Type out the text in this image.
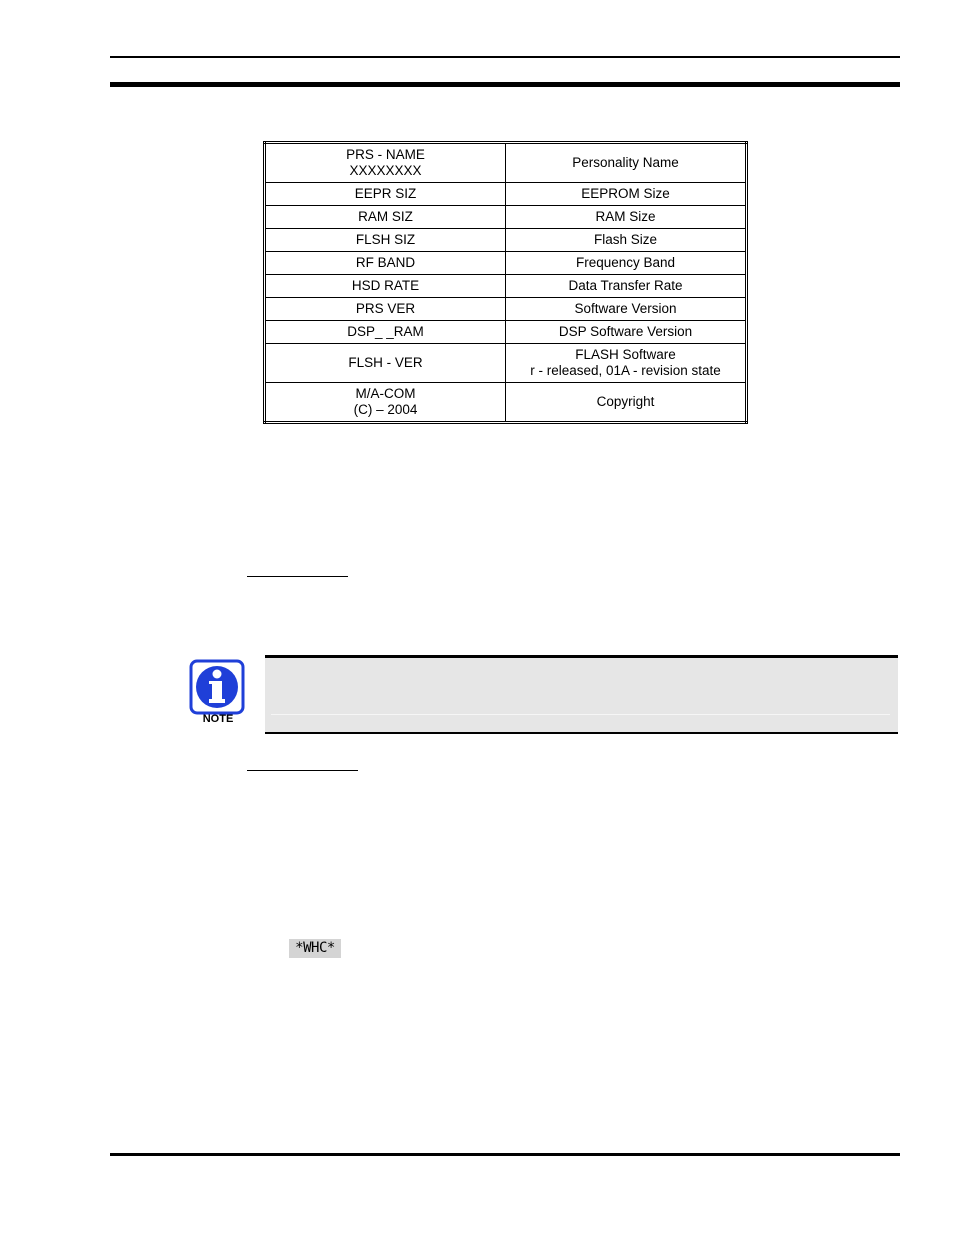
PRS - NAME
XXXXXXXX	Personality Name

EEPR SIZ	EEPROM Size

RAM SIZ	RAM Size

FLSH SIZ	Flash Size

RF BAND	Frequency Band

HSD RATE	Data Transfer Rate

PRS VER	Software Version

DSP_ _RAM	DSP Software Version

FLSH - VER	FLASH Software
r - released, 01A - revision state

M/A-COM
(C) – 2004	Copyright
NOTE
*WHC*
